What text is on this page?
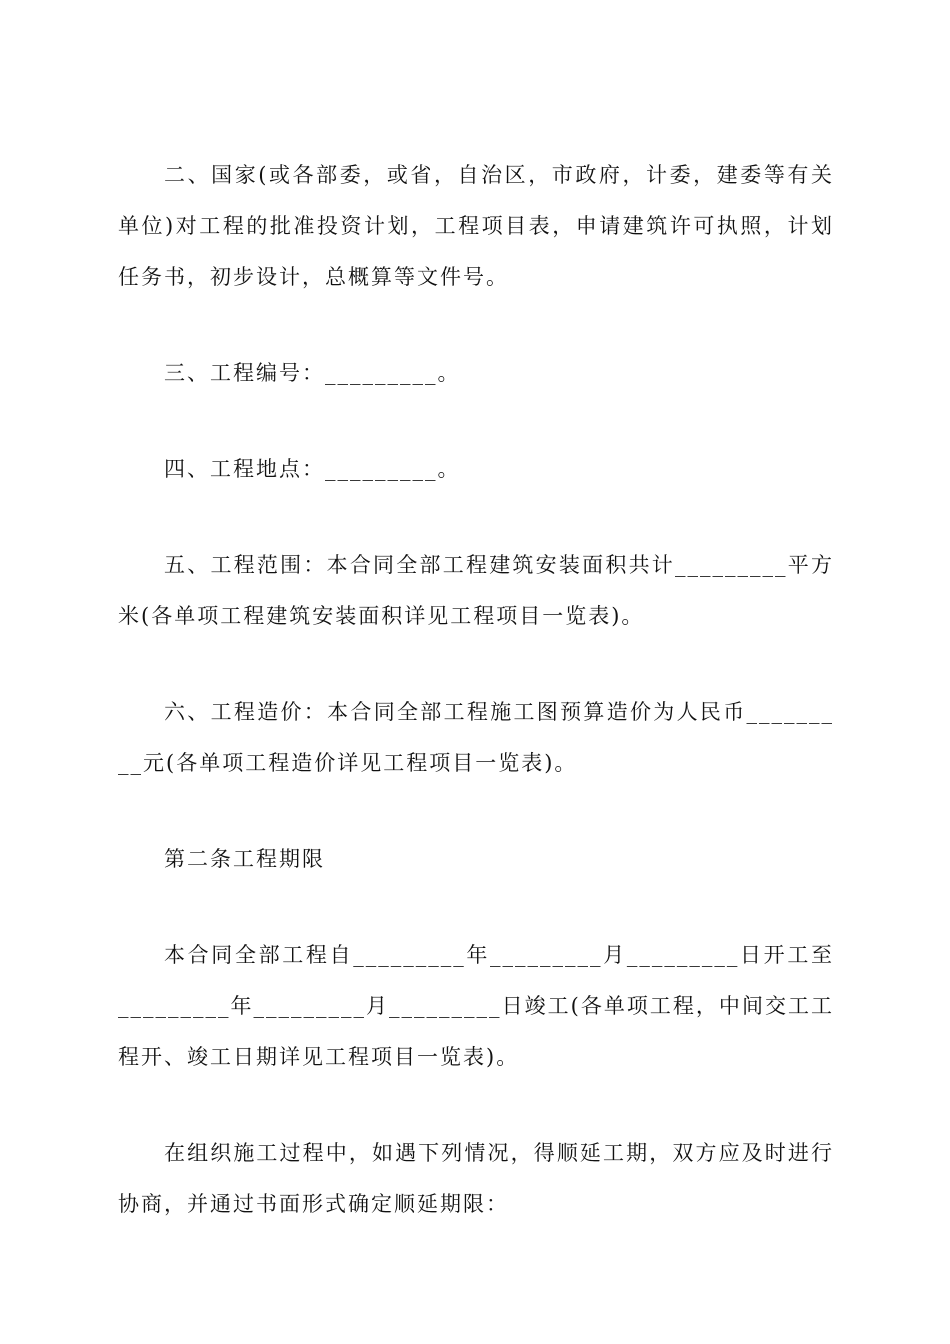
二、国家(或各部委，或省，自治区，市政府，计委，建委等有关单位)对工程的批准投资计划，工程项目表，申请建筑许可执照，计划任务书，初步设计，总概算等文件号。

三、工程编号：_________。

四、工程地点：_________。

五、工程范围：本合同全部工程建筑安装面积共计_________平方米(各单项工程建筑安装面积详见工程项目一览表)。

六、工程造价：本合同全部工程施工图预算造价为人民币_________元(各单项工程造价详见工程项目一览表)。

第二条工程期限

本合同全部工程自_________年_________月_________日开工至_________年_________月_________日竣工(各单项工程，中间交工工程开、竣工日期详见工程项目一览表)。

在组织施工过程中，如遇下列情况，得顺延工期，双方应及时进行协商，并通过书面形式确定顺延期限：
